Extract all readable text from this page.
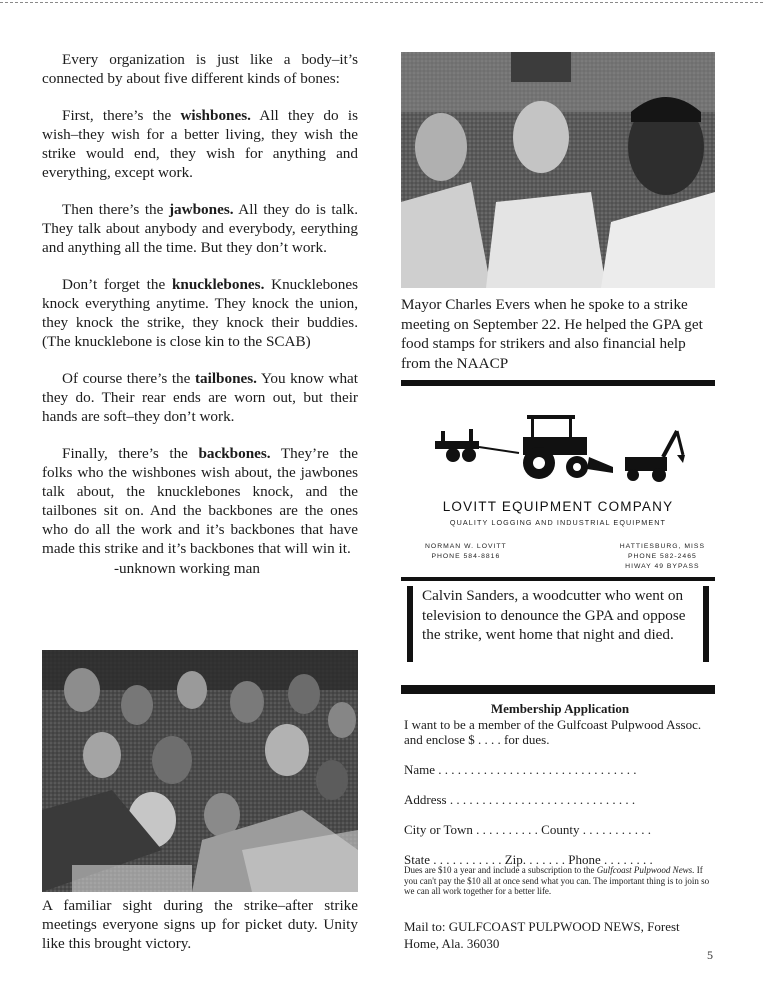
Every organization is just like a body–it’s connected by about five different kinds of bones:

First, there’s the wishbones. All they do is wish–they wish for a better living, they wish the strike would end, they wish for anything and everything, except work.

Then there’s the jawbones. All they do is talk. They talk about anybody and everybody, eerything and anything all the time. But they don’t work.

Don’t forget the knucklebones. Knucklebones knock everything anytime. They knock the union, they knock the strike, they knock their buddies. (The knucklebone is close kin to the SCAB)

Of course there’s the tailbones. You know what they do. Their rear ends are worn out, but their hands are soft–they don’t work.

Finally, there’s the backbones. They’re the folks who the wishbones wish about, the jawbones talk about, the knucklebones knock, and the tailbones sit on. And the backbones are the ones who do all the work and it’s backbones that have made this strike and it’s backbones that will win it.

-unknown working man

A familiar sight during the strike–after strike meetings everyone signs up for picket duty. Unity like this brought victory.
Mayor Charles Evers when he spoke to a strike meeting on September 22. He helped the GPA get food stamps for strikers and also financial help from the NAACP
LOVITT EQUIPMENT COMPANY
QUALITY LOGGING AND INDUSTRIAL EQUIPMENT
NORMAN W. LOVITT
PHONE 584-8816
HATTIESBURG, MISS
PHONE 582-2465
HIWAY 49 BYPASS
Calvin Sanders, a woodcutter who went on television to denounce the GPA and oppose the strike, went home that night and died.
Membership Application
I want to be a member of the Gulfcoast Pulpwood Assoc. and enclose $ . . . . for dues.
Name . . . . . . . . . . . . . . . . . . . . . . . . . . . . . . .
Address . . . . . . . . . . . . . . . . . . . . . . . . . . . . .
City or Town . . . . . . . . . . County . . . . . . . . . . .
State . . . . . . . . . . . Zip. . . . . . . Phone . . . . . . . .
Dues are $10 a year and include a subscription to the Gulfcoast Pulpwood News. If you can't pay the $10 all at once send what you can. The important thing is to join so we can all work together for a better life.
Mail to: GULFCOAST PULPWOOD NEWS, Forest Home, Ala. 36030
5
